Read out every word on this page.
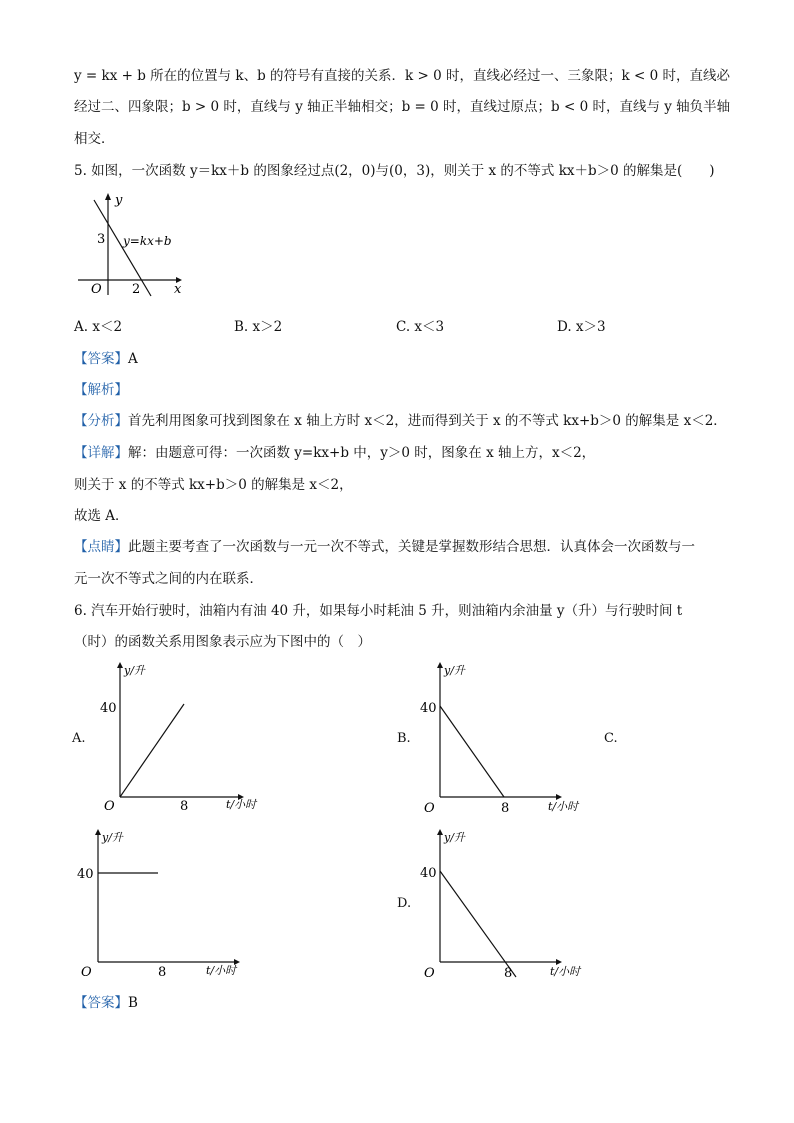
y = kx + b 所在的位置与 k、b 的符号有直接的关系．k > 0 时，直线必经过一、三象限；k < 0 时，直线必
经过二、四象限；b > 0 时，直线与 y 轴正半轴相交；b = 0 时，直线过原点；b < 0 时，直线与 y 轴负半轴
相交．
5. 如图，一次函数 y＝kx＋b 的图象经过点(2，0)与(0，3)，则关于 x 的不等式 kx＋b＞0 的解集是(　　)
y
x
O
3
2
y=kx+b
A. x＜2	B. x＞2	C. x＜3	D. x＞3
【答案】A
【解析】
【分析】首先利用图象可找到图象在 x 轴上方时 x＜2，进而得到关于 x 的不等式 kx+b＞0 的解集是 x＜2．
【详解】解：由题意可得：一次函数 y=kx+b 中，y＞0 时，图象在 x 轴上方，x＜2，
则关于 x 的不等式 kx+b＞0 的解集是 x＜2，
故选 A．
【点睛】此题主要考查了一次函数与一元一次不等式，关键是掌握数形结合思想．认真体会一次函数与一
元一次不等式之间的内在联系．
6. 汽车开始行驶时，油箱内有油 40 升，如果每小时耗油 5 升，则油箱内余油量 y（升）与行驶时间 t
（时）的函数关系用图象表示应为下图中的（　）
A.
y/升
40
O	8	t/小时
B.
y/升
40
O	8	t/小时
C.
y/升
40
O	8	t/小时
D.
y/升
40
O	8	t/小时
【答案】B
